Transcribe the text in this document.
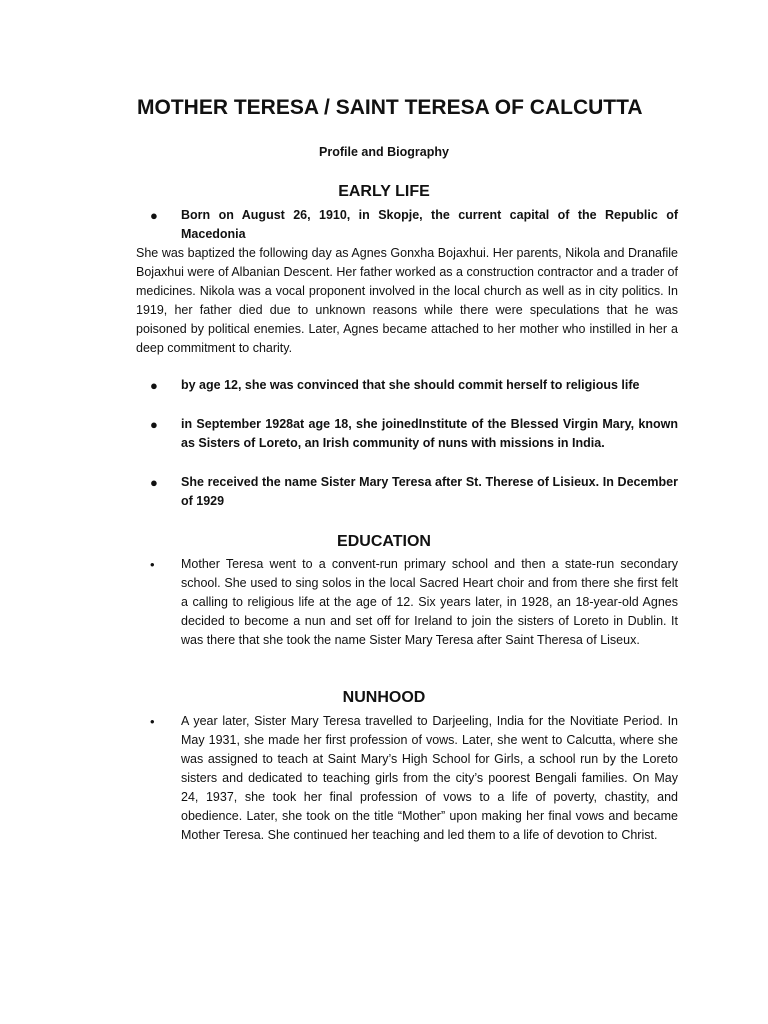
MOTHER TERESA / SAINT TERESA OF CALCUTTA
Profile and Biography
EARLY LIFE
● Born on August 26, 1910, in Skopje, the current capital of the Republic of Macedonia

She was baptized the following day as Agnes Gonxha Bojaxhui. Her parents, Nikola and Dranafile Bojaxhui were of Albanian Descent. Her father worked as a construction contractor and a trader of medicines. Nikola was a vocal proponent involved in the local church as well as in city politics. In 1919, her father died due to unknown reasons while there were speculations that he was poisoned by political enemies. Later, Agnes became attached to her mother who instilled in her a deep commitment to charity.

● by age 12, she was convinced that she should commit herself to religious life

● in September 1928at age 18, she joinedInstitute of the Blessed Virgin Mary, known as Sisters of Loreto, an Irish community of nuns with missions in India.

● She received the name Sister Mary Teresa after St. Therese of Lisieux. In December of 1929

EDUCATION
• Mother Teresa went to a convent-run primary school and then a state-run secondary school. She used to sing solos in the local Sacred Heart choir and from there she first felt a calling to religious life at the age of 12. Six years later, in 1928, an 18-year-old Agnes decided to become a nun and set off for Ireland to join the sisters of Loreto in Dublin. It was there that she took the name Sister Mary Teresa after Saint Theresa of Liseux.

NUNHOOD
• A year later, Sister Mary Teresa travelled to Darjeeling, India for the Novitiate Period. In May 1931, she made her first profession of vows. Later, she went to Calcutta, where she was assigned to teach at Saint Mary’s High School for Girls, a school run by the Loreto sisters and dedicated to teaching girls from the city’s poorest Bengali families. On May 24, 1937, she took her final profession of vows to a life of poverty, chastity, and obedience. Later, she took on the title “Mother” upon making her final vows and became Mother Teresa. She continued her teaching and led them to a life of devotion to Christ.
